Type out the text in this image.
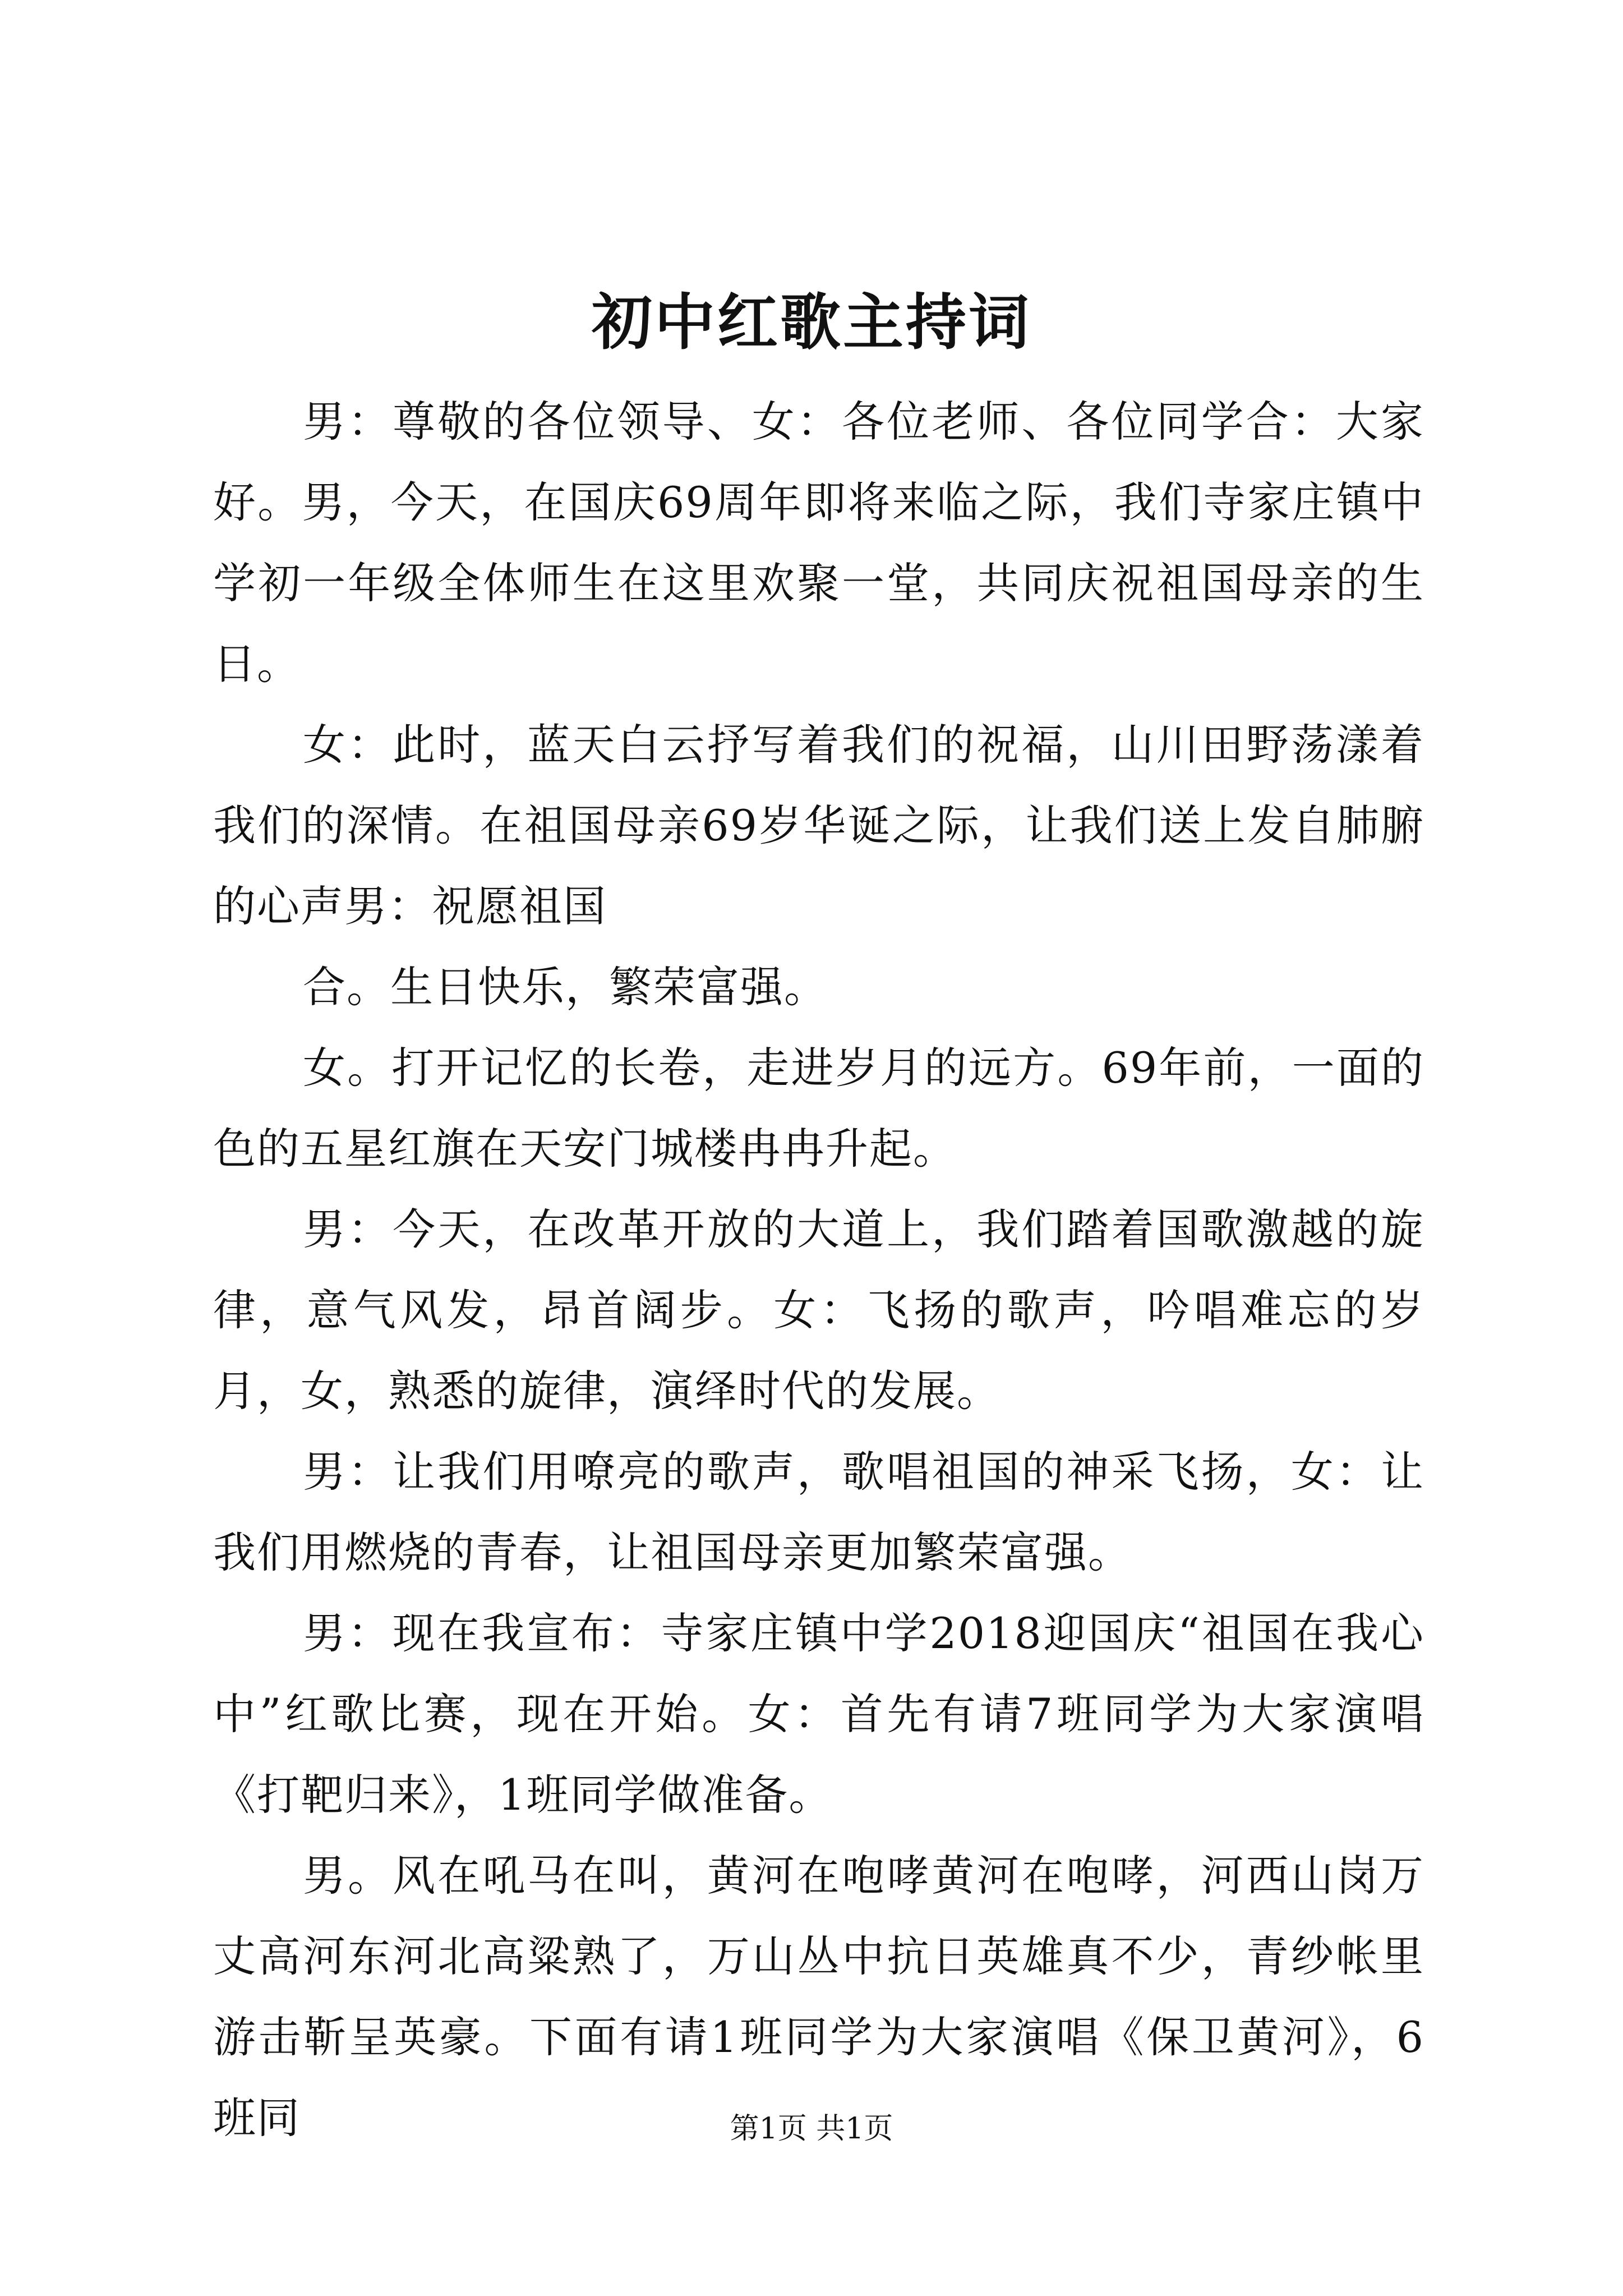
初中红歌主持词

男：尊敬的各位领导、女：各位老师、各位同学合：大家好。男，今天，在国庆69周年即将来临之际，我们寺家庄镇中学初一年级全体师生在这里欢聚一堂，共同庆祝祖国母亲的生日。

女：此时，蓝天白云抒写着我们的祝福，山川田野荡漾着我们的深情。在祖国母亲69岁华诞之际，让我们送上发自肺腑的心声男：祝愿祖国

合。生日快乐，繁荣富强。

女。打开记忆的长卷，走进岁月的远方。69年前，一面的色的五星红旗在天安门城楼冉冉升起。

男：今天，在改革开放的大道上，我们踏着国歌激越的旋律，意气风发，昂首阔步。女：飞扬的歌声，吟唱难忘的岁月，女，熟悉的旋律，演绎时代的发展。

男：让我们用嘹亮的歌声，歌唱祖国的神采飞扬，女：让我们用燃烧的青春，让祖国母亲更加繁荣富强。

男：现在我宣布：寺家庄镇中学2018迎国庆“祖国在我心中”红歌比赛，现在开始。女：首先有请7班同学为大家演唱《打靶归来》，1班同学做准备。

男。风在吼马在叫，黄河在咆哮黄河在咆哮，河西山岗万丈高河东河北高粱熟了，万山丛中抗日英雄真不少，青纱帐里游击靳呈英豪。下面有请1班同学为大家演唱《保卫黄河》，6班同	第1页 共1页
